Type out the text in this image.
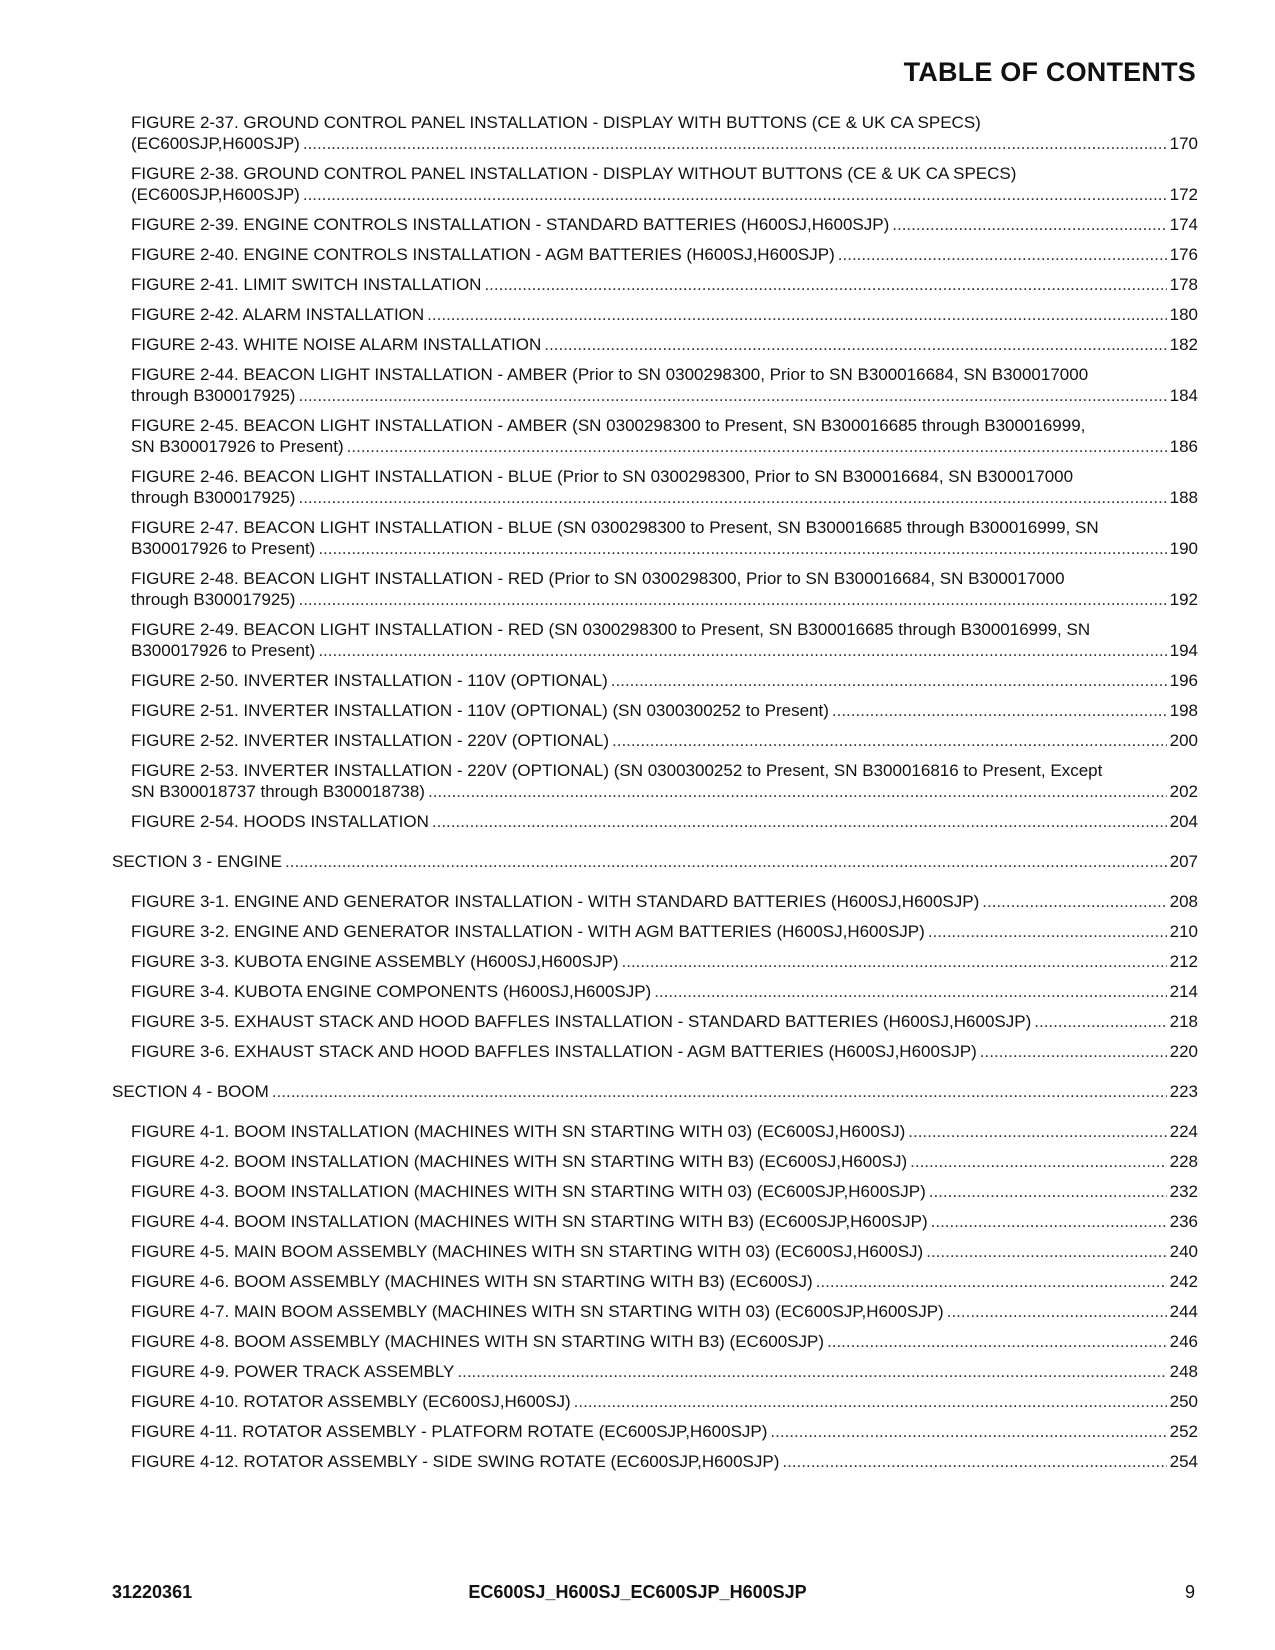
TABLE OF CONTENTS
FIGURE 2-37. GROUND CONTROL PANEL INSTALLATION - DISPLAY WITH BUTTONS (CE & UK CA SPECS)
(EC600SJP,H600SJP) .....	170
FIGURE 2-38. GROUND CONTROL PANEL INSTALLATION - DISPLAY WITHOUT BUTTONS (CE & UK CA SPECS)
(EC600SJP,H600SJP) .....	172
FIGURE 2-39. ENGINE CONTROLS INSTALLATION - STANDARD BATTERIES (H600SJ,H600SJP) .....	174
FIGURE 2-40. ENGINE CONTROLS INSTALLATION - AGM BATTERIES (H600SJ,H600SJP) .....	176
FIGURE 2-41. LIMIT SWITCH INSTALLATION .....	178
FIGURE 2-42. ALARM INSTALLATION .....	180
FIGURE 2-43. WHITE NOISE ALARM INSTALLATION .....	182
FIGURE 2-44. BEACON LIGHT INSTALLATION - AMBER (Prior to SN 0300298300, Prior to SN B300016684, SN B300017000
through B300017925) .....	184
FIGURE 2-45. BEACON LIGHT INSTALLATION - AMBER (SN 0300298300 to Present, SN B300016685 through B300016999,
SN B300017926 to Present) .....	186
FIGURE 2-46. BEACON LIGHT INSTALLATION - BLUE (Prior to SN 0300298300, Prior to SN B300016684, SN B300017000
through B300017925) .....	188
FIGURE 2-47. BEACON LIGHT INSTALLATION - BLUE (SN 0300298300 to Present, SN B300016685 through B300016999, SN
B300017926 to Present) .....	190
FIGURE 2-48. BEACON LIGHT INSTALLATION - RED (Prior to SN 0300298300, Prior to SN B300016684, SN B300017000
through B300017925) .....	192
FIGURE 2-49. BEACON LIGHT INSTALLATION - RED (SN 0300298300 to Present, SN B300016685 through B300016999, SN
B300017926 to Present) .....	194
FIGURE 2-50. INVERTER INSTALLATION - 110V (OPTIONAL) .....	196
FIGURE 2-51. INVERTER INSTALLATION - 110V (OPTIONAL) (SN 0300300252 to Present) .....	198
FIGURE 2-52. INVERTER INSTALLATION - 220V (OPTIONAL) .....	200
FIGURE 2-53. INVERTER INSTALLATION - 220V (OPTIONAL) (SN 0300300252 to Present, SN B300016816 to Present, Except
SN B300018737 through B300018738) .....	202
FIGURE 2-54. HOODS INSTALLATION .....	204
SECTION 3 - ENGINE .....	207
FIGURE 3-1. ENGINE AND GENERATOR INSTALLATION - WITH STANDARD BATTERIES (H600SJ,H600SJP) .....	208
FIGURE 3-2. ENGINE AND GENERATOR INSTALLATION - WITH AGM BATTERIES (H600SJ,H600SJP) .....	210
FIGURE 3-3. KUBOTA ENGINE ASSEMBLY (H600SJ,H600SJP) .....	212
FIGURE 3-4. KUBOTA ENGINE COMPONENTS (H600SJ,H600SJP) .....	214
FIGURE 3-5. EXHAUST STACK AND HOOD BAFFLES INSTALLATION - STANDARD BATTERIES (H600SJ,H600SJP) .....	218
FIGURE 3-6. EXHAUST STACK AND HOOD BAFFLES INSTALLATION - AGM BATTERIES (H600SJ,H600SJP) .....	220
SECTION 4 - BOOM .....	223
FIGURE 4-1. BOOM INSTALLATION (MACHINES WITH SN STARTING WITH 03) (EC600SJ,H600SJ) .....	224
FIGURE 4-2. BOOM INSTALLATION (MACHINES WITH SN STARTING WITH B3) (EC600SJ,H600SJ) .....	228
FIGURE 4-3. BOOM INSTALLATION (MACHINES WITH SN STARTING WITH 03) (EC600SJP,H600SJP) .....	232
FIGURE 4-4. BOOM INSTALLATION (MACHINES WITH SN STARTING WITH B3) (EC600SJP,H600SJP) .....	236
FIGURE 4-5. MAIN BOOM ASSEMBLY (MACHINES WITH SN STARTING WITH 03) (EC600SJ,H600SJ) .....	240
FIGURE 4-6. BOOM ASSEMBLY (MACHINES WITH SN STARTING WITH B3) (EC600SJ) .....	242
FIGURE 4-7. MAIN BOOM ASSEMBLY (MACHINES WITH SN STARTING WITH 03) (EC600SJP,H600SJP) .....	244
FIGURE 4-8. BOOM ASSEMBLY (MACHINES WITH SN STARTING WITH B3) (EC600SJP) .....	246
FIGURE 4-9. POWER TRACK ASSEMBLY .....	248
FIGURE 4-10. ROTATOR ASSEMBLY (EC600SJ,H600SJ) .....	250
FIGURE 4-11. ROTATOR ASSEMBLY - PLATFORM ROTATE (EC600SJP,H600SJP) .....	252
FIGURE 4-12. ROTATOR ASSEMBLY - SIDE SWING ROTATE (EC600SJP,H600SJP) .....	254
31220361	EC600SJ_H600SJ_EC600SJP_H600SJP	9
